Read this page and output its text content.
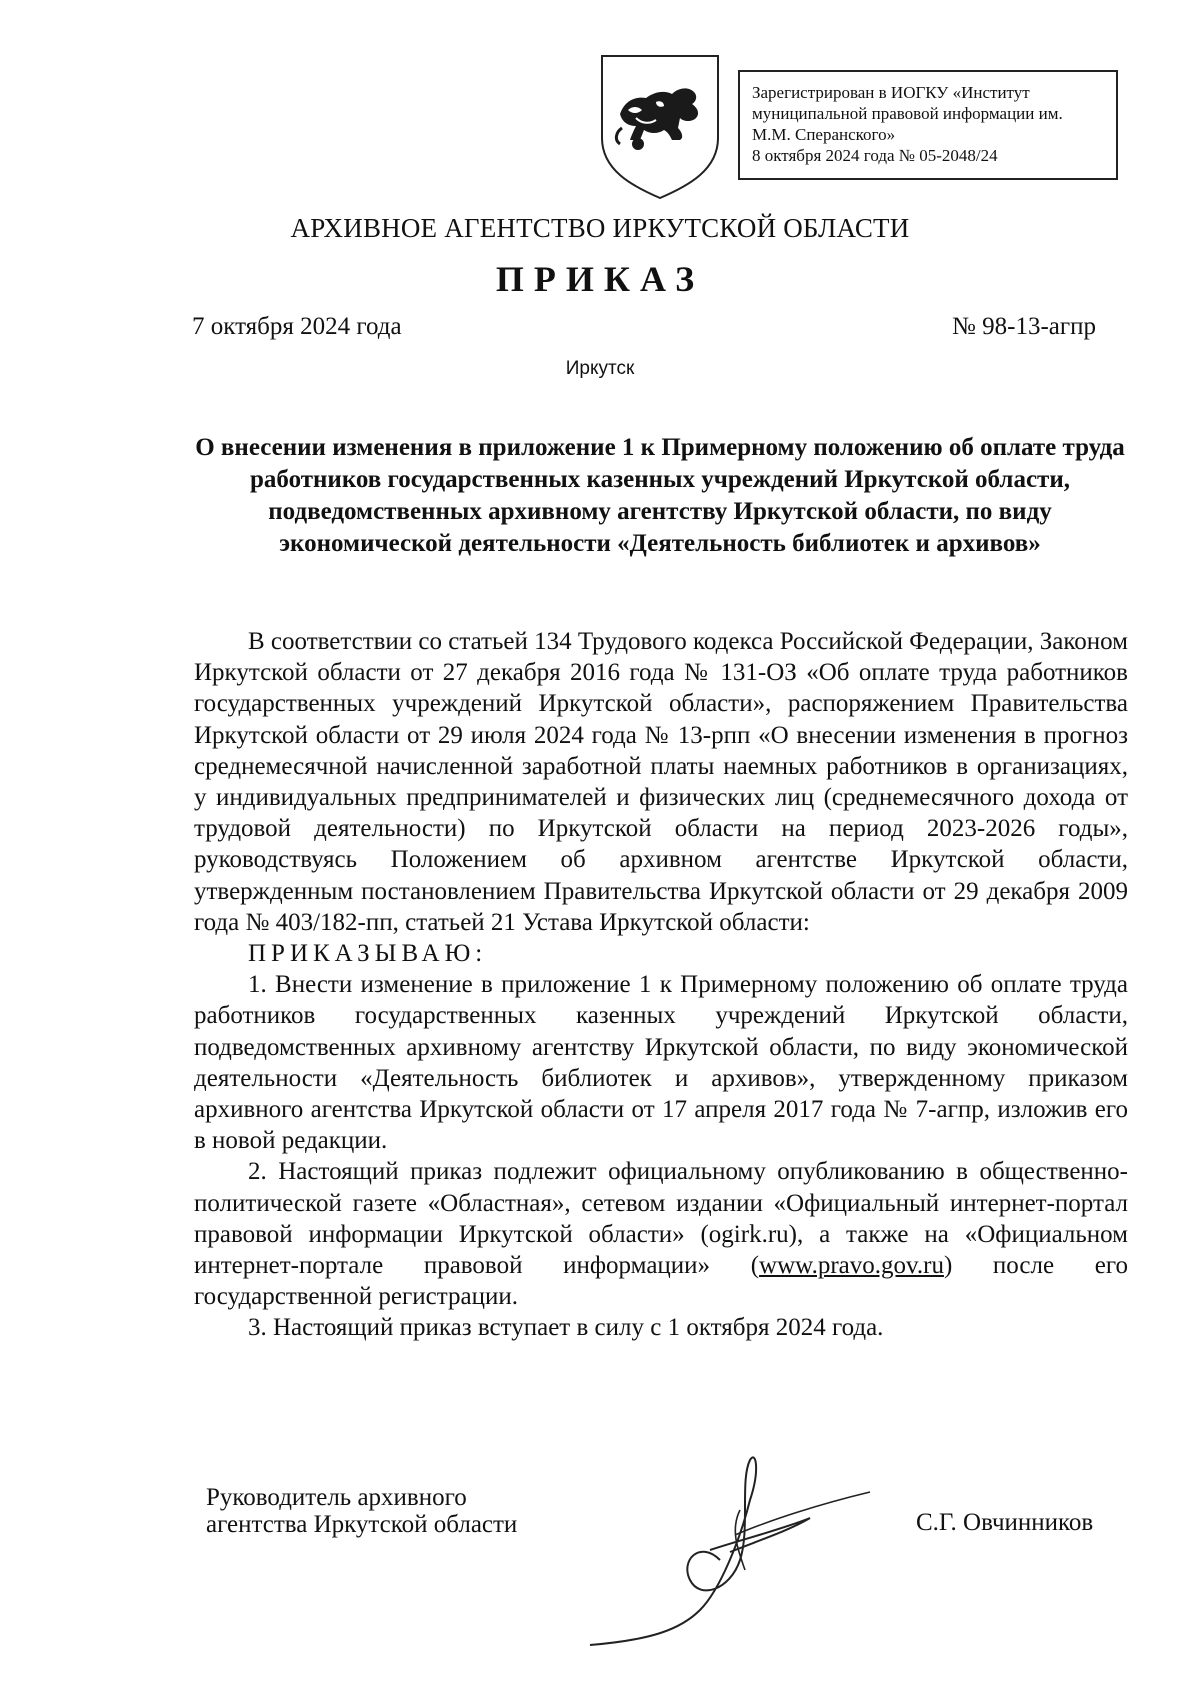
Зарегистрирован в ИОГКУ «Институт
муниципальной правовой информации им.
М.М. Сперанского»
8 октября 2024 года № 05-2048/24
АРХИВНОЕ АГЕНТСТВО ИРКУТСКОЙ ОБЛАСТИ
ПРИКАЗ
7 октября 2024 года	№ 98-13-агпр
Иркутск
О внесении изменения в приложение 1 к Примерному положению об оплате труда работников государственных казенных учреждений Иркутской области, подведомственных архивному агентству Иркутской области, по виду экономической деятельности «Деятельность библиотек и архивов»

В соответствии со статьей 134 Трудового кодекса Российской Федерации, Законом Иркутской области от 27 декабря 2016 года № 131-ОЗ «Об оплате труда работников государственных учреждений Иркутской области», распоряжением Правительства Иркутской области от 29 июля 2024 года № 13-рпп «О внесении изменения в прогноз среднемесячной начисленной заработной платы наемных работников в организациях, у индивидуальных предпринимателей и физических лиц (среднемесячного дохода от трудовой деятельности) по Иркутской области на период 2023-2026 годы», руководствуясь Положением об архивном агентстве Иркутской области, утвержденным постановлением Правительства Иркутской области от 29 декабря 2009 года № 403/182-пп, статьей 21 Устава Иркутской области:

ПРИКАЗЫВАЮ:

1. Внести изменение в приложение 1 к Примерному положению об оплате труда работников государственных казенных учреждений Иркутской области, подведомственных архивному агентству Иркутской области, по виду экономической деятельности «Деятельность библиотек и архивов», утвержденному приказом архивного агентства Иркутской области от 17 апреля 2017 года № 7-агпр, изложив его в новой редакции.

2. Настоящий приказ подлежит официальному опубликованию в общественно-политической газете «Областная», сетевом издании «Официальный интернет-портал правовой информации Иркутской области» (ogirk.ru), а также на «Официальном интернет-портале правовой информации» (www.pravo.gov.ru) после его государственной регистрации.

3. Настоящий приказ вступает в силу с 1 октября 2024 года.

Руководитель архивного
агентства Иркутской области	С.Г. Овчинников
